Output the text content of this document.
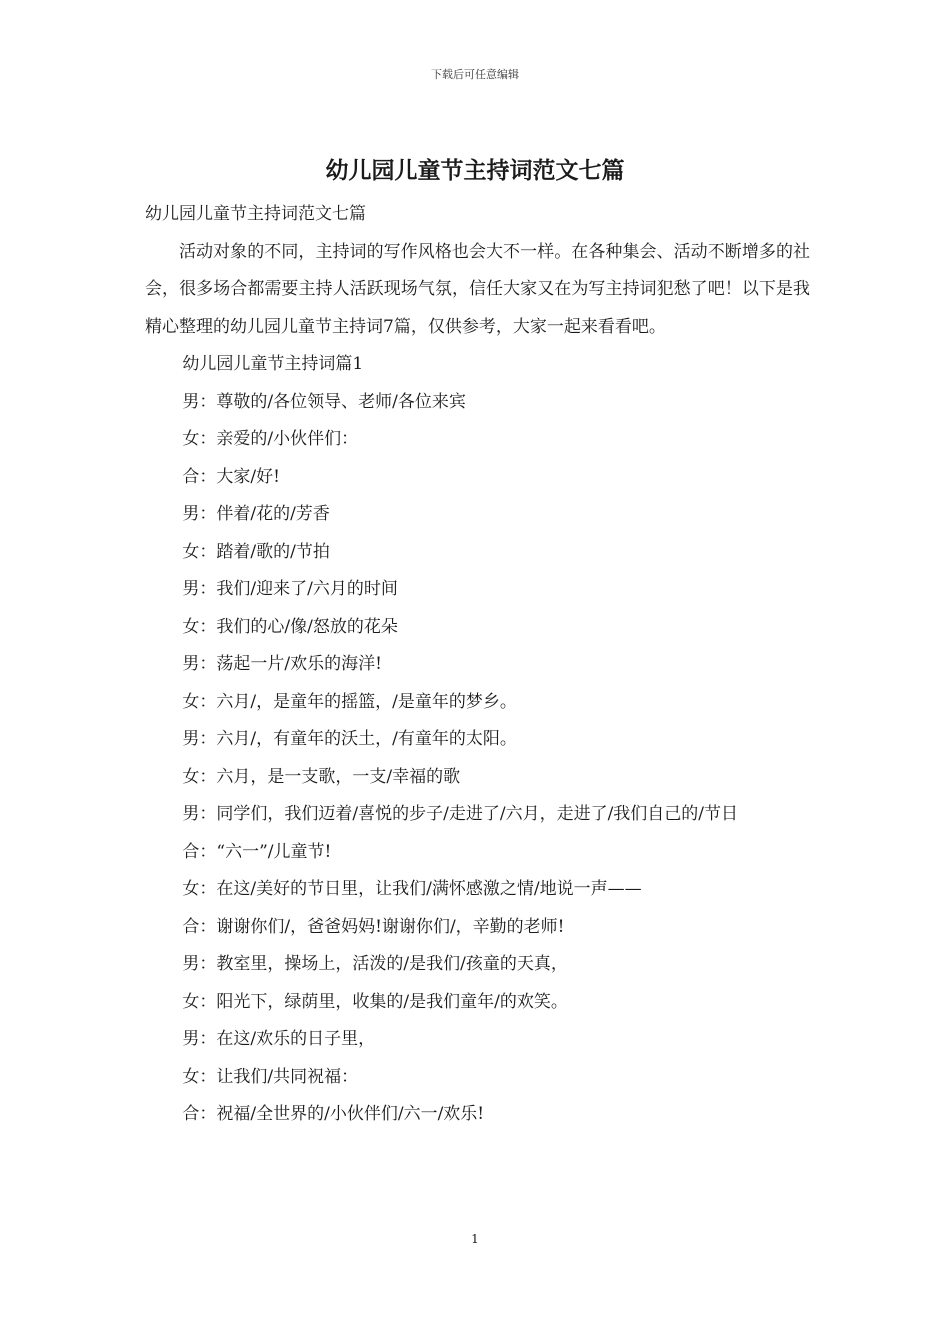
下载后可任意编辑
幼儿园儿童节主持词范文七篇

幼儿园儿童节主持词范文七篇

活动对象的不同，主持词的写作风格也会大不一样。在各种集会、活动不断增多的社会，很多场合都需要主持人活跃现场气氛，信任大家又在为写主持词犯愁了吧！以下是我精心整理的幼儿园儿童节主持词7篇，仅供参考，大家一起来看看吧。

幼儿园儿童节主持词篇1

男：尊敬的/各位领导、老师/各位来宾

女：亲爱的/小伙伴们：

合：大家/好!

男：伴着/花的/芳香

女：踏着/歌的/节拍

男：我们/迎来了/六月的时间

女：我们的心/像/怒放的花朵

男：荡起一片/欢乐的海洋!

女：六月/，是童年的摇篮，/是童年的梦乡。

男：六月/，有童年的沃土，/有童年的太阳。

女：六月，是一支歌，一支/幸福的歌

男：同学们，我们迈着/喜悦的步子/走进了/六月，走进了/我们自己的/节日

合：“六一”/儿童节!

女：在这/美好的节日里，让我们/满怀感激之情/地说一声——

合：谢谢你们/，爸爸妈妈!谢谢你们/，辛勤的老师!

男：教室里，操场上，活泼的/是我们/孩童的天真，

女：阳光下，绿荫里，收集的/是我们童年/的欢笑。

男：在这/欢乐的日子里，

女：让我们/共同祝福：

合：祝福/全世界的/小伙伴们/六一/欢乐!

1
